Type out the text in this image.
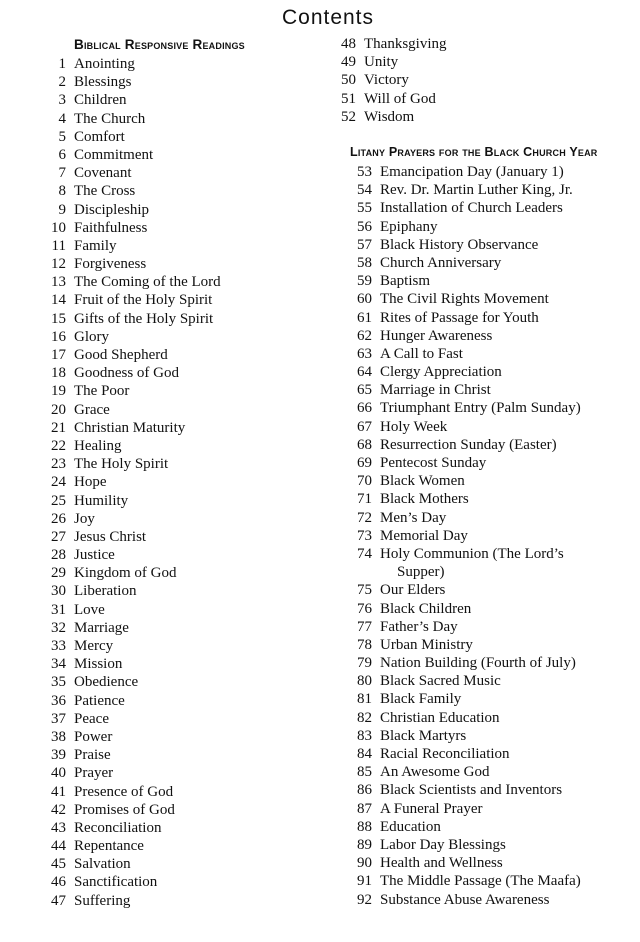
Contents
Biblical Responsive Readings
Litany Prayers for the Black Church Year
1 Anointing
2 Blessings
3 Children
4 The Church
5 Comfort
6 Commitment
7 Covenant
8 The Cross
9 Discipleship
10 Faithfulness
11 Family
12 Forgiveness
13 The Coming of the Lord
14 Fruit of the Holy Spirit
15 Gifts of the Holy Spirit
16 Glory
17 Good Shepherd
18 Goodness of God
19 The Poor
20 Grace
21 Christian Maturity
22 Healing
23 The Holy Spirit
24 Hope
25 Humility
26 Joy
27 Jesus Christ
28 Justice
29 Kingdom of God
30 Liberation
31 Love
32 Marriage
33 Mercy
34 Mission
35 Obedience
36 Patience
37 Peace
38 Power
39 Praise
40 Prayer
41 Presence of God
42 Promises of God
43 Reconciliation
44 Repentance
45 Salvation
46 Sanctification
47 Suffering
48 Thanksgiving
49 Unity
50 Victory
51 Will of God
52 Wisdom
53 Emancipation Day (January 1)
54 Rev. Dr. Martin Luther King, Jr.
55 Installation of Church Leaders
56 Epiphany
57 Black History Observance
58 Church Anniversary
59 Baptism
60 The Civil Rights Movement
61 Rites of Passage for Youth
62 Hunger Awareness
63 A Call to Fast
64 Clergy Appreciation
65 Marriage in Christ
66 Triumphant Entry (Palm Sunday)
67 Holy Week
68 Resurrection Sunday (Easter)
69 Pentecost Sunday
70 Black Women
71 Black Mothers
72 Men’s Day
73 Memorial Day
74 Holy Communion (The Lord’s
Supper)
75 Our Elders
76 Black Children
77 Father’s Day
78 Urban Ministry
79 Nation Building (Fourth of July)
80 Black Sacred Music
81 Black Family
82 Christian Education
83 Black Martyrs
84 Racial Reconciliation
85 An Awesome God
86 Black Scientists and Inventors
87 A Funeral Prayer
88 Education
89 Labor Day Blessings
90 Health and Wellness
91 The Middle Passage (The Maafa)
92 Substance Abuse Awareness
